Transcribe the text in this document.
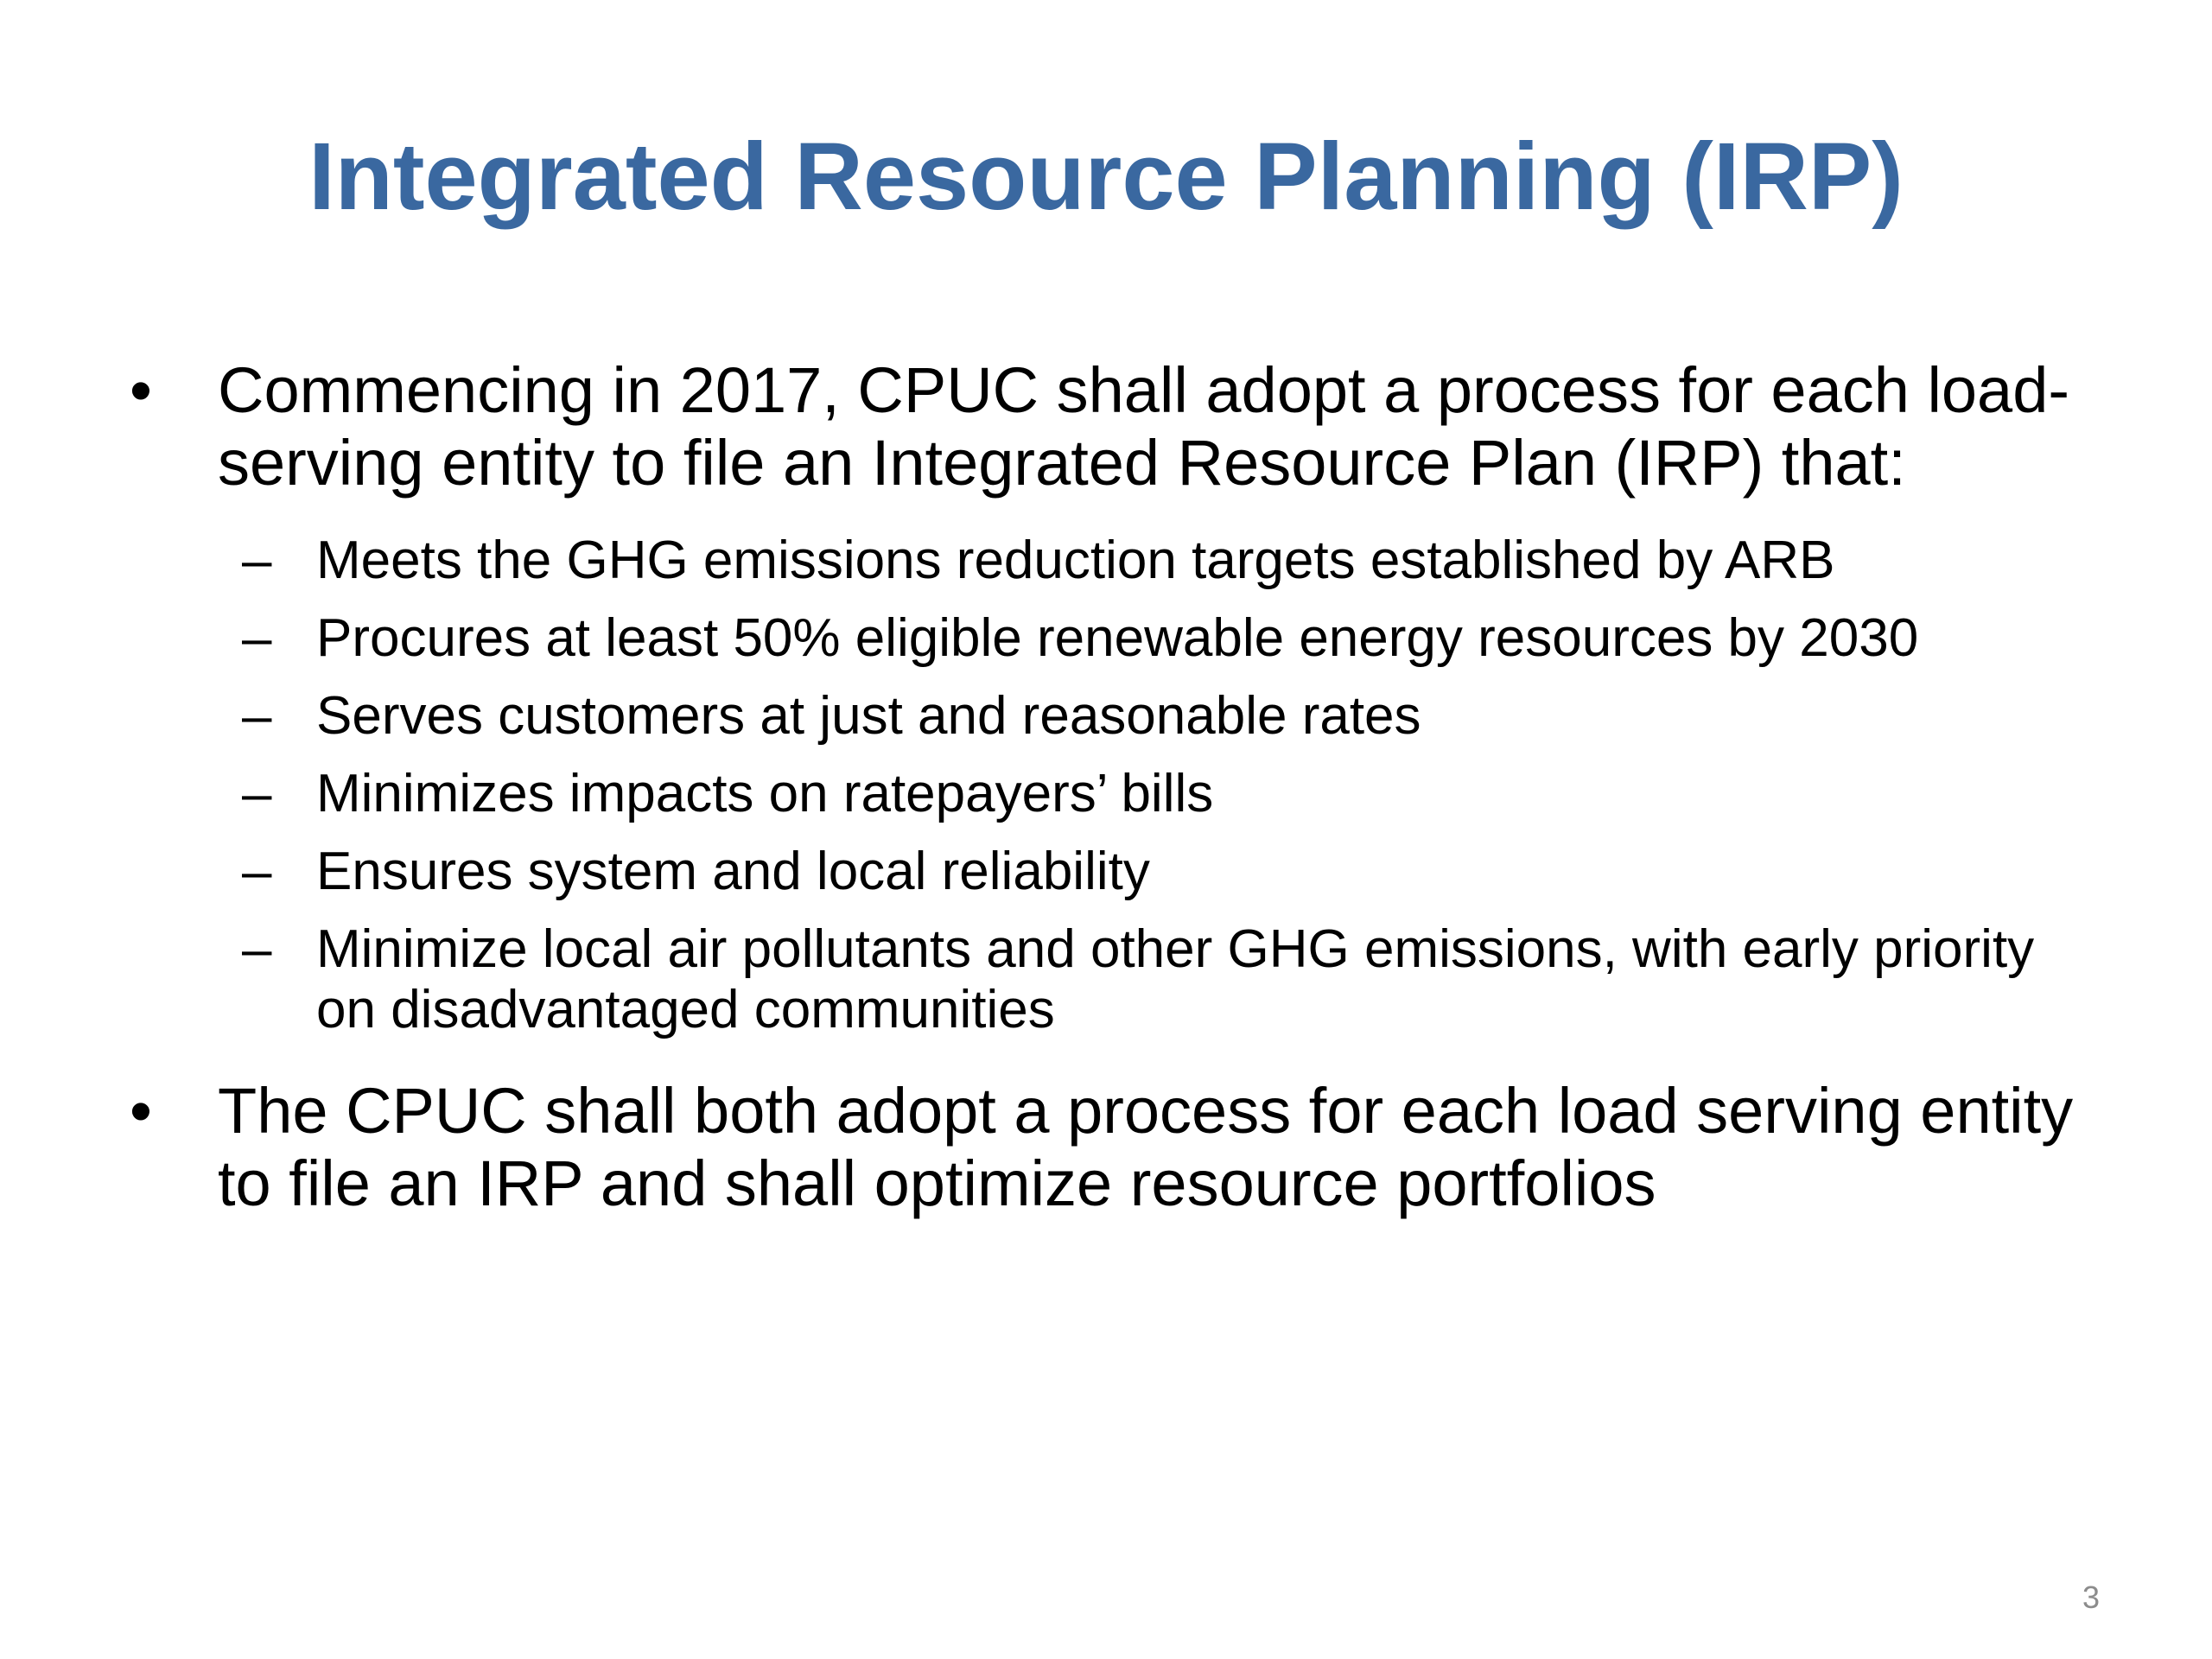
Integrated Resource Planning (IRP)
• Commencing in 2017, CPUC shall adopt a process for each load-serving entity to file an Integrated Resource Plan (IRP) that:
– Meets the GHG emissions reduction targets established by ARB
– Procures at least 50% eligible renewable energy resources by 2030
– Serves customers at just and reasonable rates
– Minimizes impacts on ratepayers’ bills
– Ensures system and local reliability
– Minimize local air pollutants and other GHG emissions, with early priority on disadvantaged communities
• The CPUC shall both adopt a process for each load serving entity to file an IRP and shall optimize resource portfolios
3
